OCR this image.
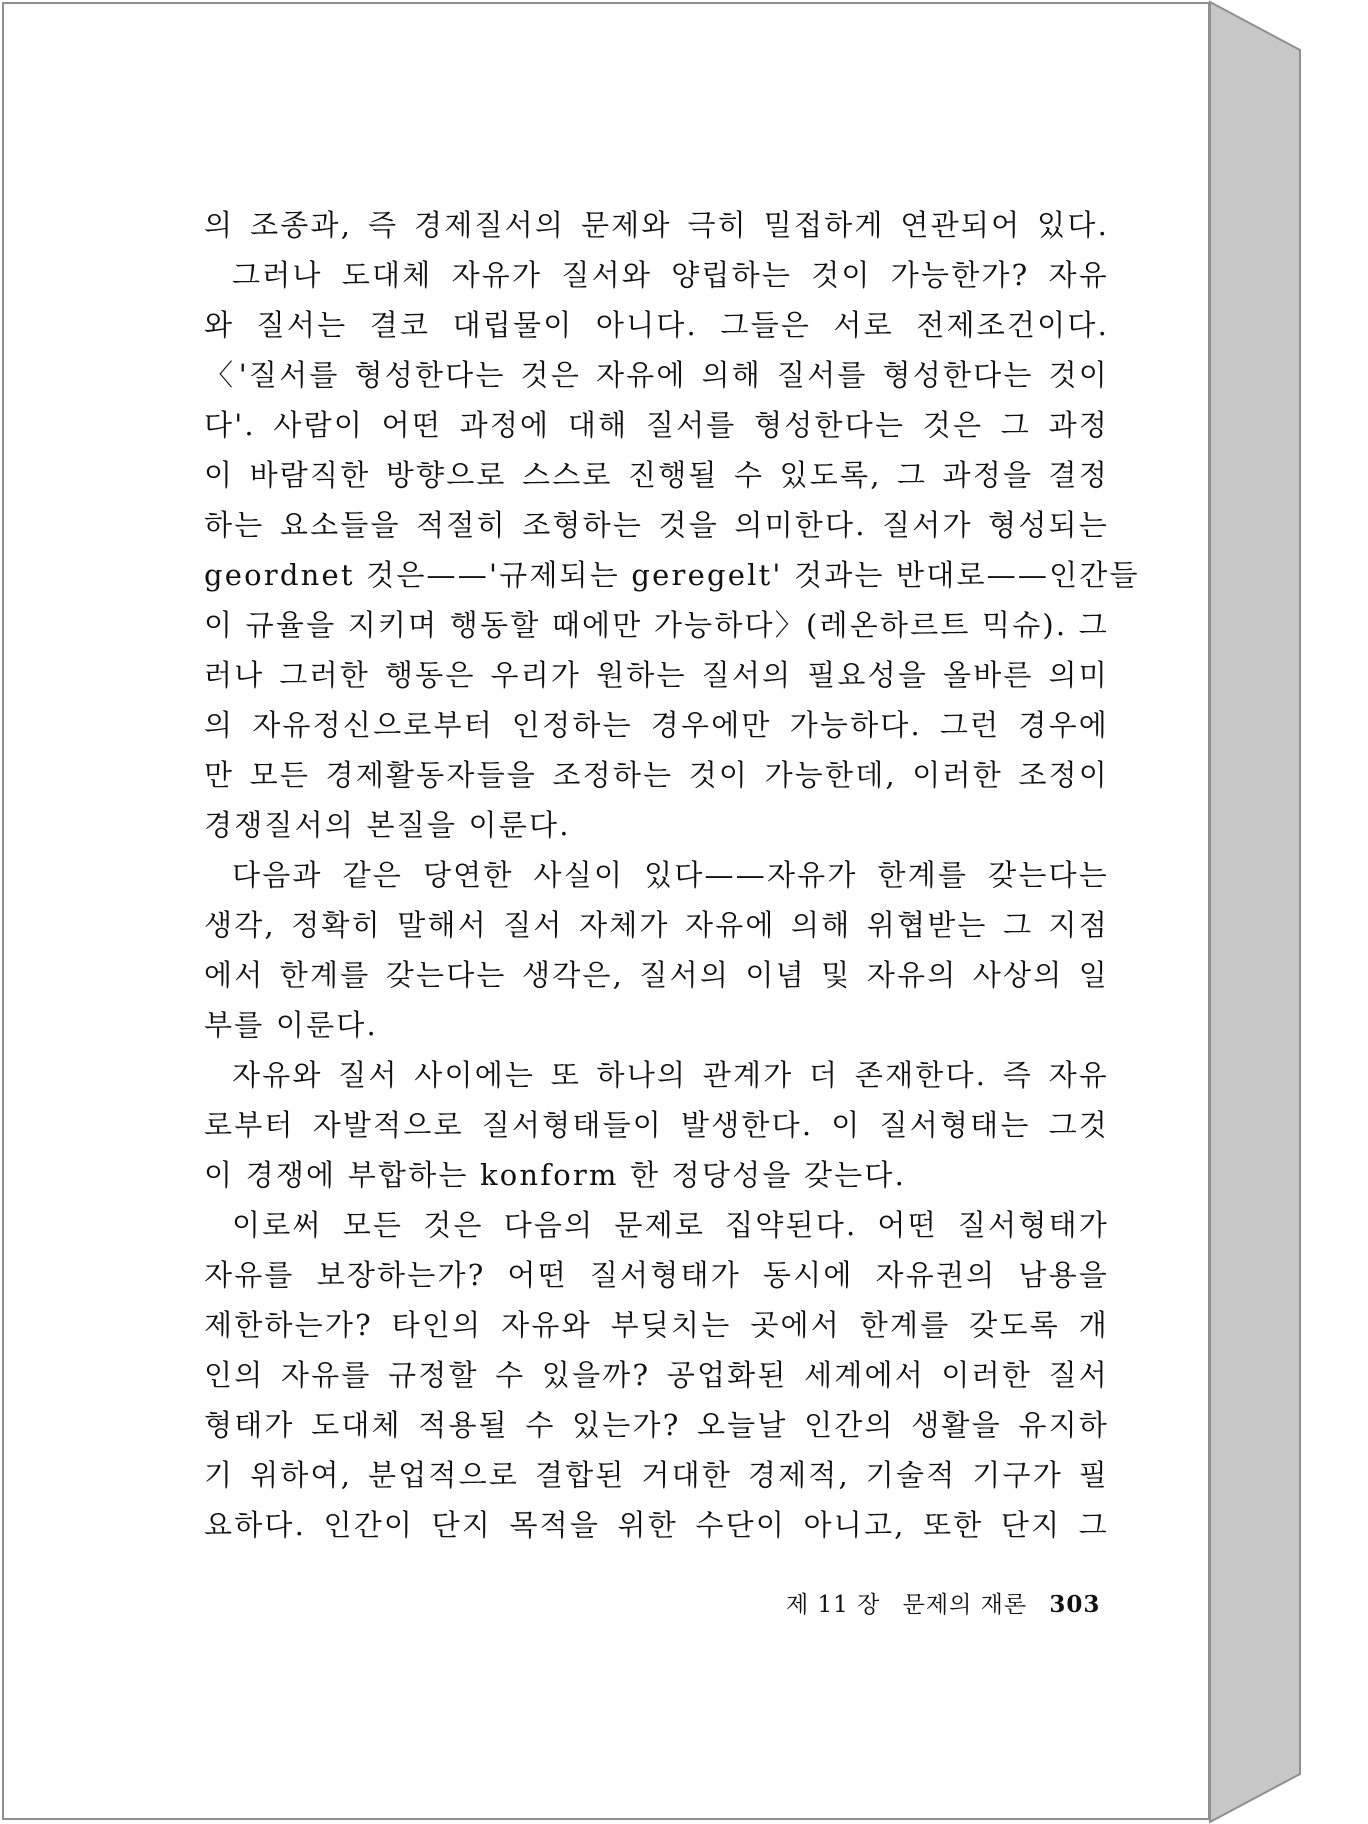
의 조종과, 즉 경제질서의 문제와 극히 밀접하게 연관되어 있다.
그러나 도대체 자유가 질서와 양립하는 것이 가능한가? 자유
와 질서는 결코 대립물이 아니다. 그들은 서로 전제조건이다.
〈'질서를 형성한다는 것은 자유에 의해 질서를 형성한다는 것이
다'. 사람이 어떤 과정에 대해 질서를 형성한다는 것은 그 과정
이 바람직한 방향으로 스스로 진행될 수 있도록, 그 과정을 결정
하는 요소들을 적절히 조형하는 것을 의미한다. 질서가 형성되는
geordnet 것은——'규제되는 geregelt' 것과는 반대로——인간들
이 규율을 지키며 행동할 때에만 가능하다〉(레온하르트 믹슈). 그
러나 그러한 행동은 우리가 원하는 질서의 필요성을 올바른 의미
의 자유정신으로부터 인정하는 경우에만 가능하다. 그런 경우에
만 모든 경제활동자들을 조정하는 것이 가능한데, 이러한 조정이
경쟁질서의 본질을 이룬다.
다음과 같은 당연한 사실이 있다——자유가 한계를 갖는다는
생각, 정확히 말해서 질서 자체가 자유에 의해 위협받는 그 지점
에서 한계를 갖는다는 생각은, 질서의 이념 및 자유의 사상의 일
부를 이룬다.
자유와 질서 사이에는 또 하나의 관계가 더 존재한다. 즉 자유
로부터 자발적으로 질서형태들이 발생한다. 이 질서형태는 그것
이 경쟁에 부합하는 konform 한 정당성을 갖는다.
이로써 모든 것은 다음의 문제로 집약된다. 어떤 질서형태가
자유를 보장하는가? 어떤 질서형태가 동시에 자유권의 남용을
제한하는가? 타인의 자유와 부딪치는 곳에서 한계를 갖도록 개
인의 자유를 규정할 수 있을까? 공업화된 세계에서 이러한 질서
형태가 도대체 적용될 수 있는가? 오늘날 인간의 생활을 유지하
기 위하여, 분업적으로 결합된 거대한 경제적, 기술적 기구가 필
요하다. 인간이 단지 목적을 위한 수단이 아니고, 또한 단지 그
제 11 장 문제의 재론 303
